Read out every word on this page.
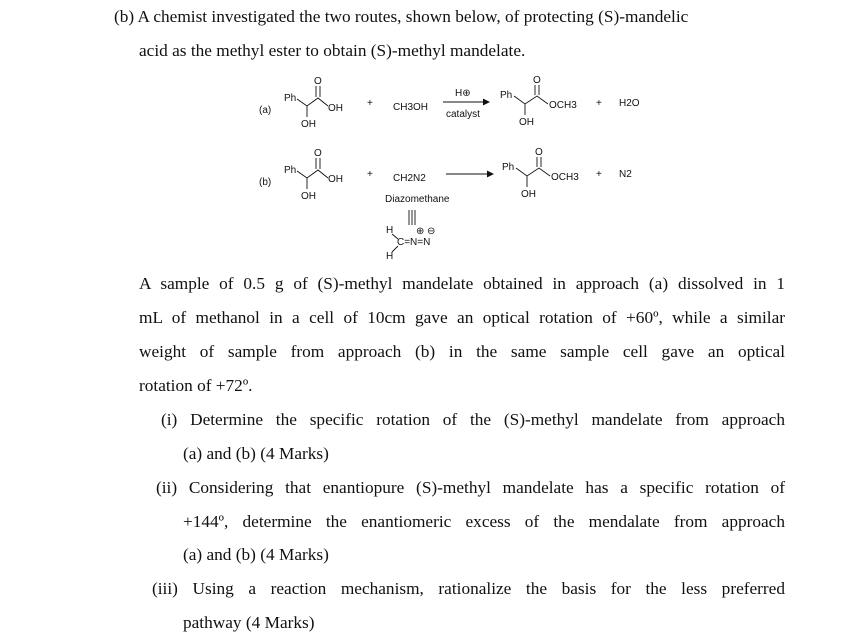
(b) A chemist investigated the two routes, shown below, of protecting (S)-mandelic
acid as the methyl ester to obtain (S)-methyl mandelate.
(a)
Ph
OH
O
OH + CH3OH
H⊕
catalyst
Ph
OH
O
OCH3 + H2O
(b)
Ph
OH
O
OH + CH2N2
Diazomethane
H ⊕ ⊖
C=N=N
H
Ph
OH
O
OCH3 + N2
A sample of 0.5 g of (S)-methyl mandelate obtained in approach (a) dissolved in 1
mL of methanol in a cell of 10cm gave an optical rotation of +60º, while a similar
weight of sample from approach (b) in the same sample cell gave an optical
rotation of +72º.
(i) Determine the specific rotation of the (S)-methyl mandelate from approach
(a) and (b) (4 Marks)
(ii) Considering that enantiopure (S)-methyl mandelate has a specific rotation of
+144º, determine the enantiomeric excess of the mendalate from approach
(a) and (b) (4 Marks)
(iii) Using a reaction mechanism, rationalize the basis for the less preferred
pathway (4 Marks)
